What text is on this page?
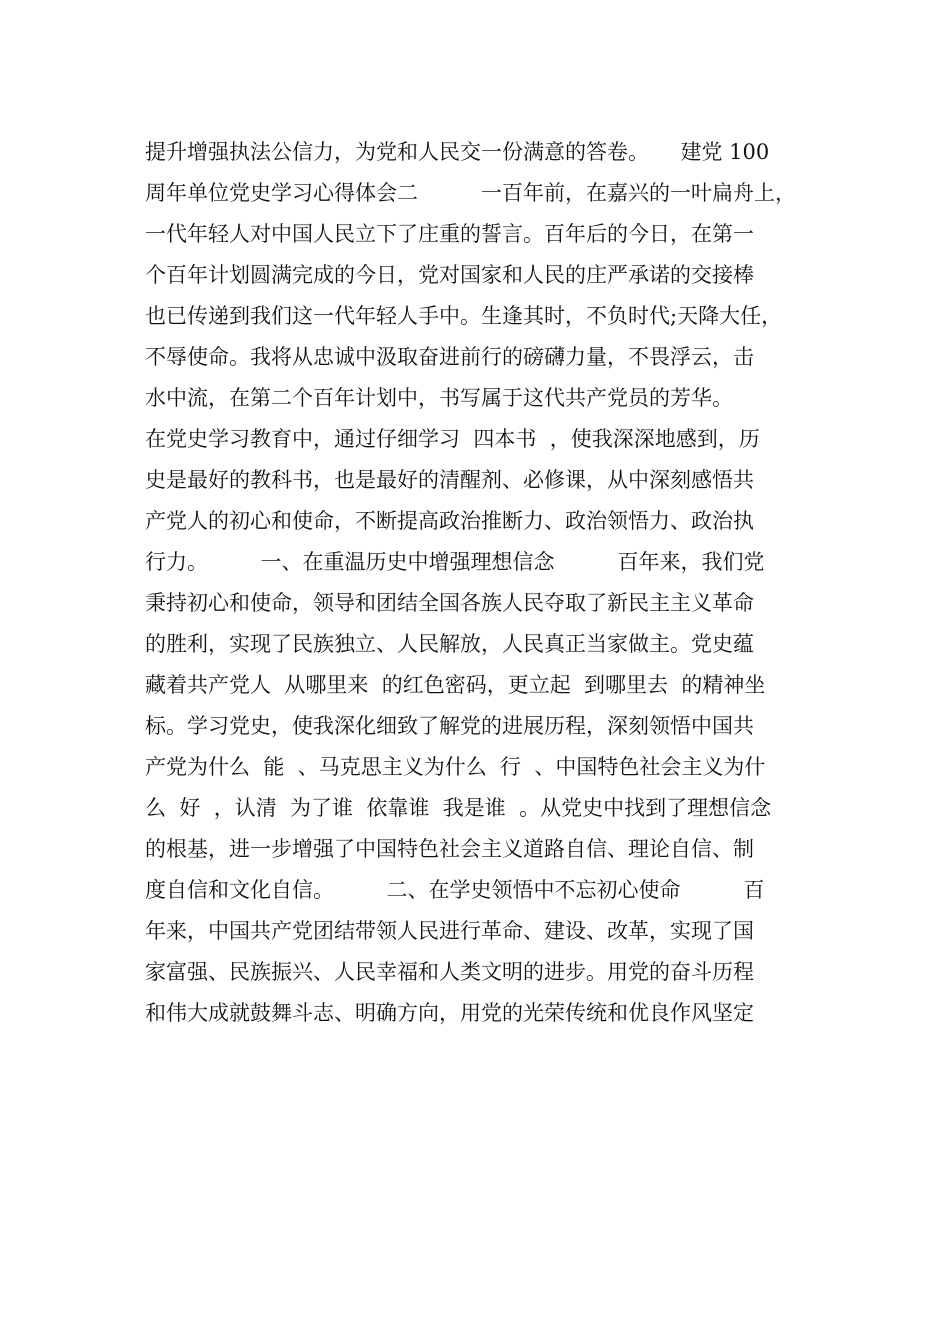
提升增强执法公信力，为党和人民交一份满意的答卷。　　建党 100
周年单位党史学习心得体会二　　　一百年前，在嘉兴的一叶扁舟上，
一代年轻人对中国人民立下了庄重的誓言。百年后的今日，在第一
个百年计划圆满完成的今日，党对国家和人民的庄严承诺的交接棒
也已传递到我们这一代年轻人手中。生逢其时，不负时代;天降大任，
不辱使命。我将从忠诚中汲取奋进前行的磅礴力量，不畏浮云，击
水中流，在第二个百年计划中，书写属于这代共产党员的芳华。
在党史学习教育中，通过仔细学习  四本书  ，使我深深地感到，历
史是最好的教科书，也是最好的清醒剂、必修课，从中深刻感悟共
产党人的初心和使命，不断提高政治推断力、政治领悟力、政治执
行力。　　　一、在重温历史中增强理想信念　　　百年来，我们党
秉持初心和使命，领导和团结全国各族人民夺取了新民主主义革命
的胜利，实现了民族独立、人民解放，人民真正当家做主。党史蕴
藏着共产党人  从哪里来  的红色密码，更立起  到哪里去  的精神坐
标。学习党史，使我深化细致了解党的进展历程，深刻领悟中国共
产党为什么  能  、马克思主义为什么  行  、中国特色社会主义为什
么  好  ，认清  为了谁  依靠谁  我是谁  。从党史中找到了理想信念
的根基，进一步增强了中国特色社会主义道路自信、理论自信、制
度自信和文化自信。　　　二、在学史领悟中不忘初心使命　　　百
年来，中国共产党团结带领人民进行革命、建设、改革，实现了国
家富强、民族振兴、人民幸福和人类文明的进步。用党的奋斗历程
和伟大成就鼓舞斗志、明确方向，用党的光荣传统和优良作风坚定
